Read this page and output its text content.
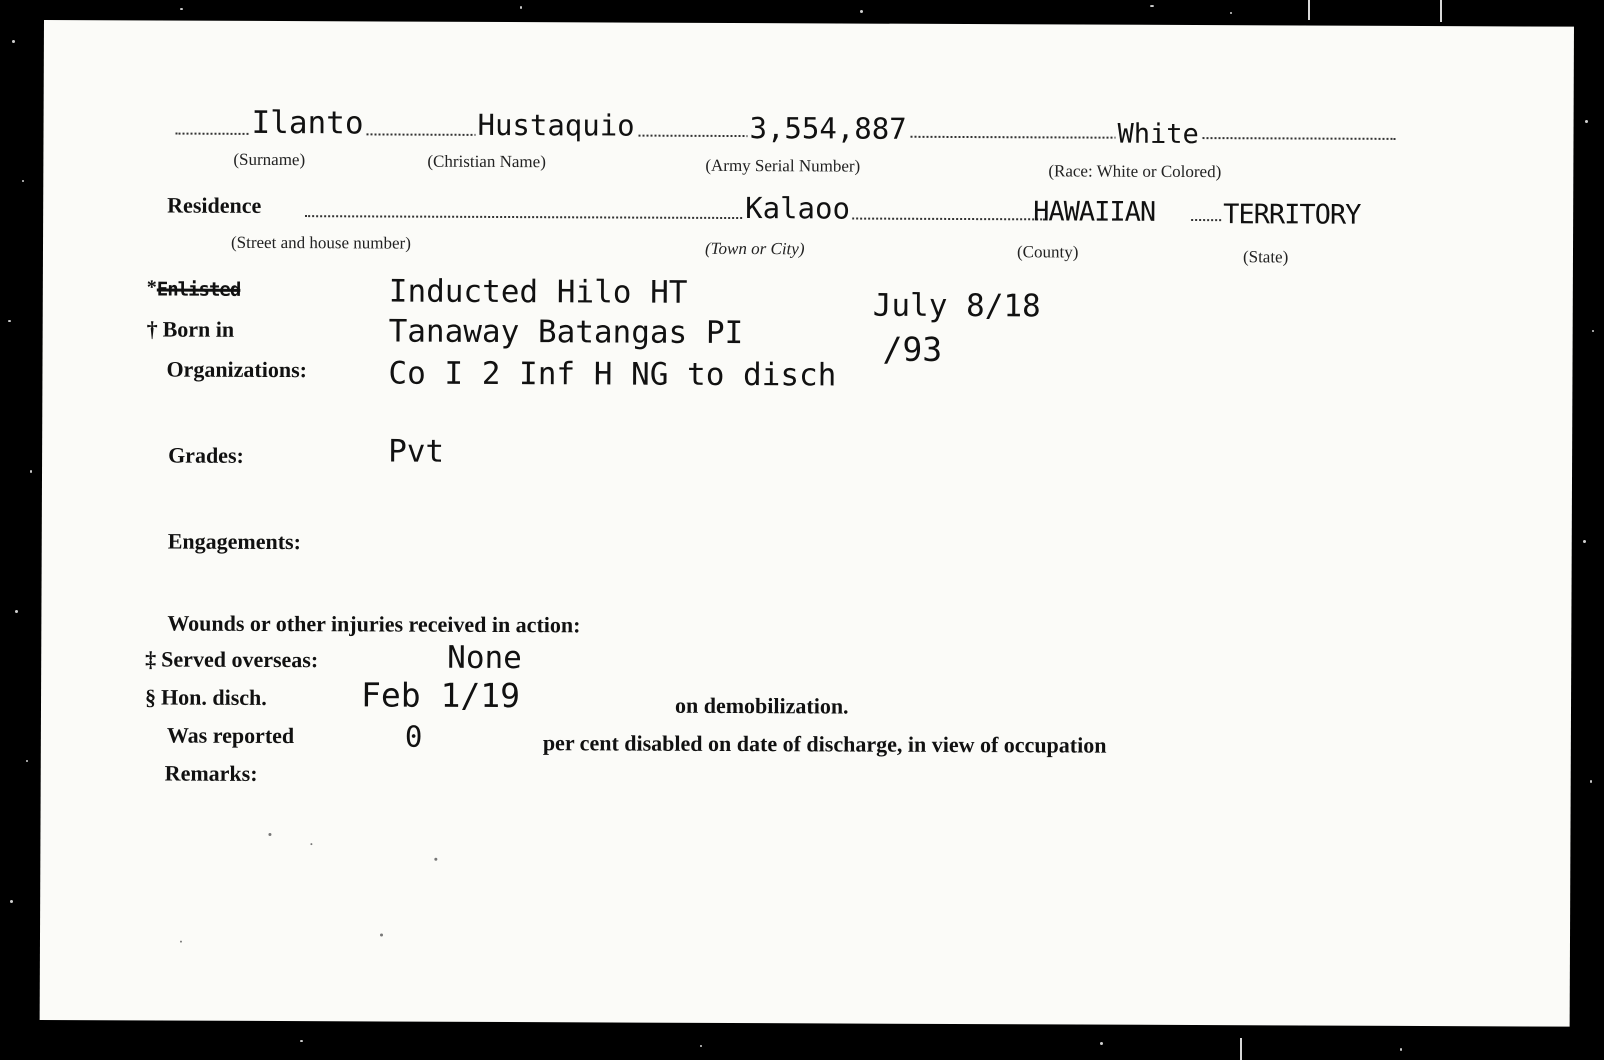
Ilanto	Hustaquio	3,554,887	White
(Surname)	(Christian Name)	(Army Serial Number)	(Race: White or Colored)
Residence	Kalaoo	HAWAIIAN	TERRITORY
(Street and house number)	(Town or City)	(County)	(State)
* Enlisted	Inducted Hilo HT	July 8/18
† Born in	Tanaway Batangas PI	/93
Organizations:	Co I 2 Inf H NG to disch
Grades:	Pvt
Engagements:
Wounds or other injuries received in action:
‡ Served overseas:	None
§ Hon. disch.	Feb 1/19	on demobilization.
Was reported	0	per cent disabled on date of discharge, in view of occupation
Remarks:
